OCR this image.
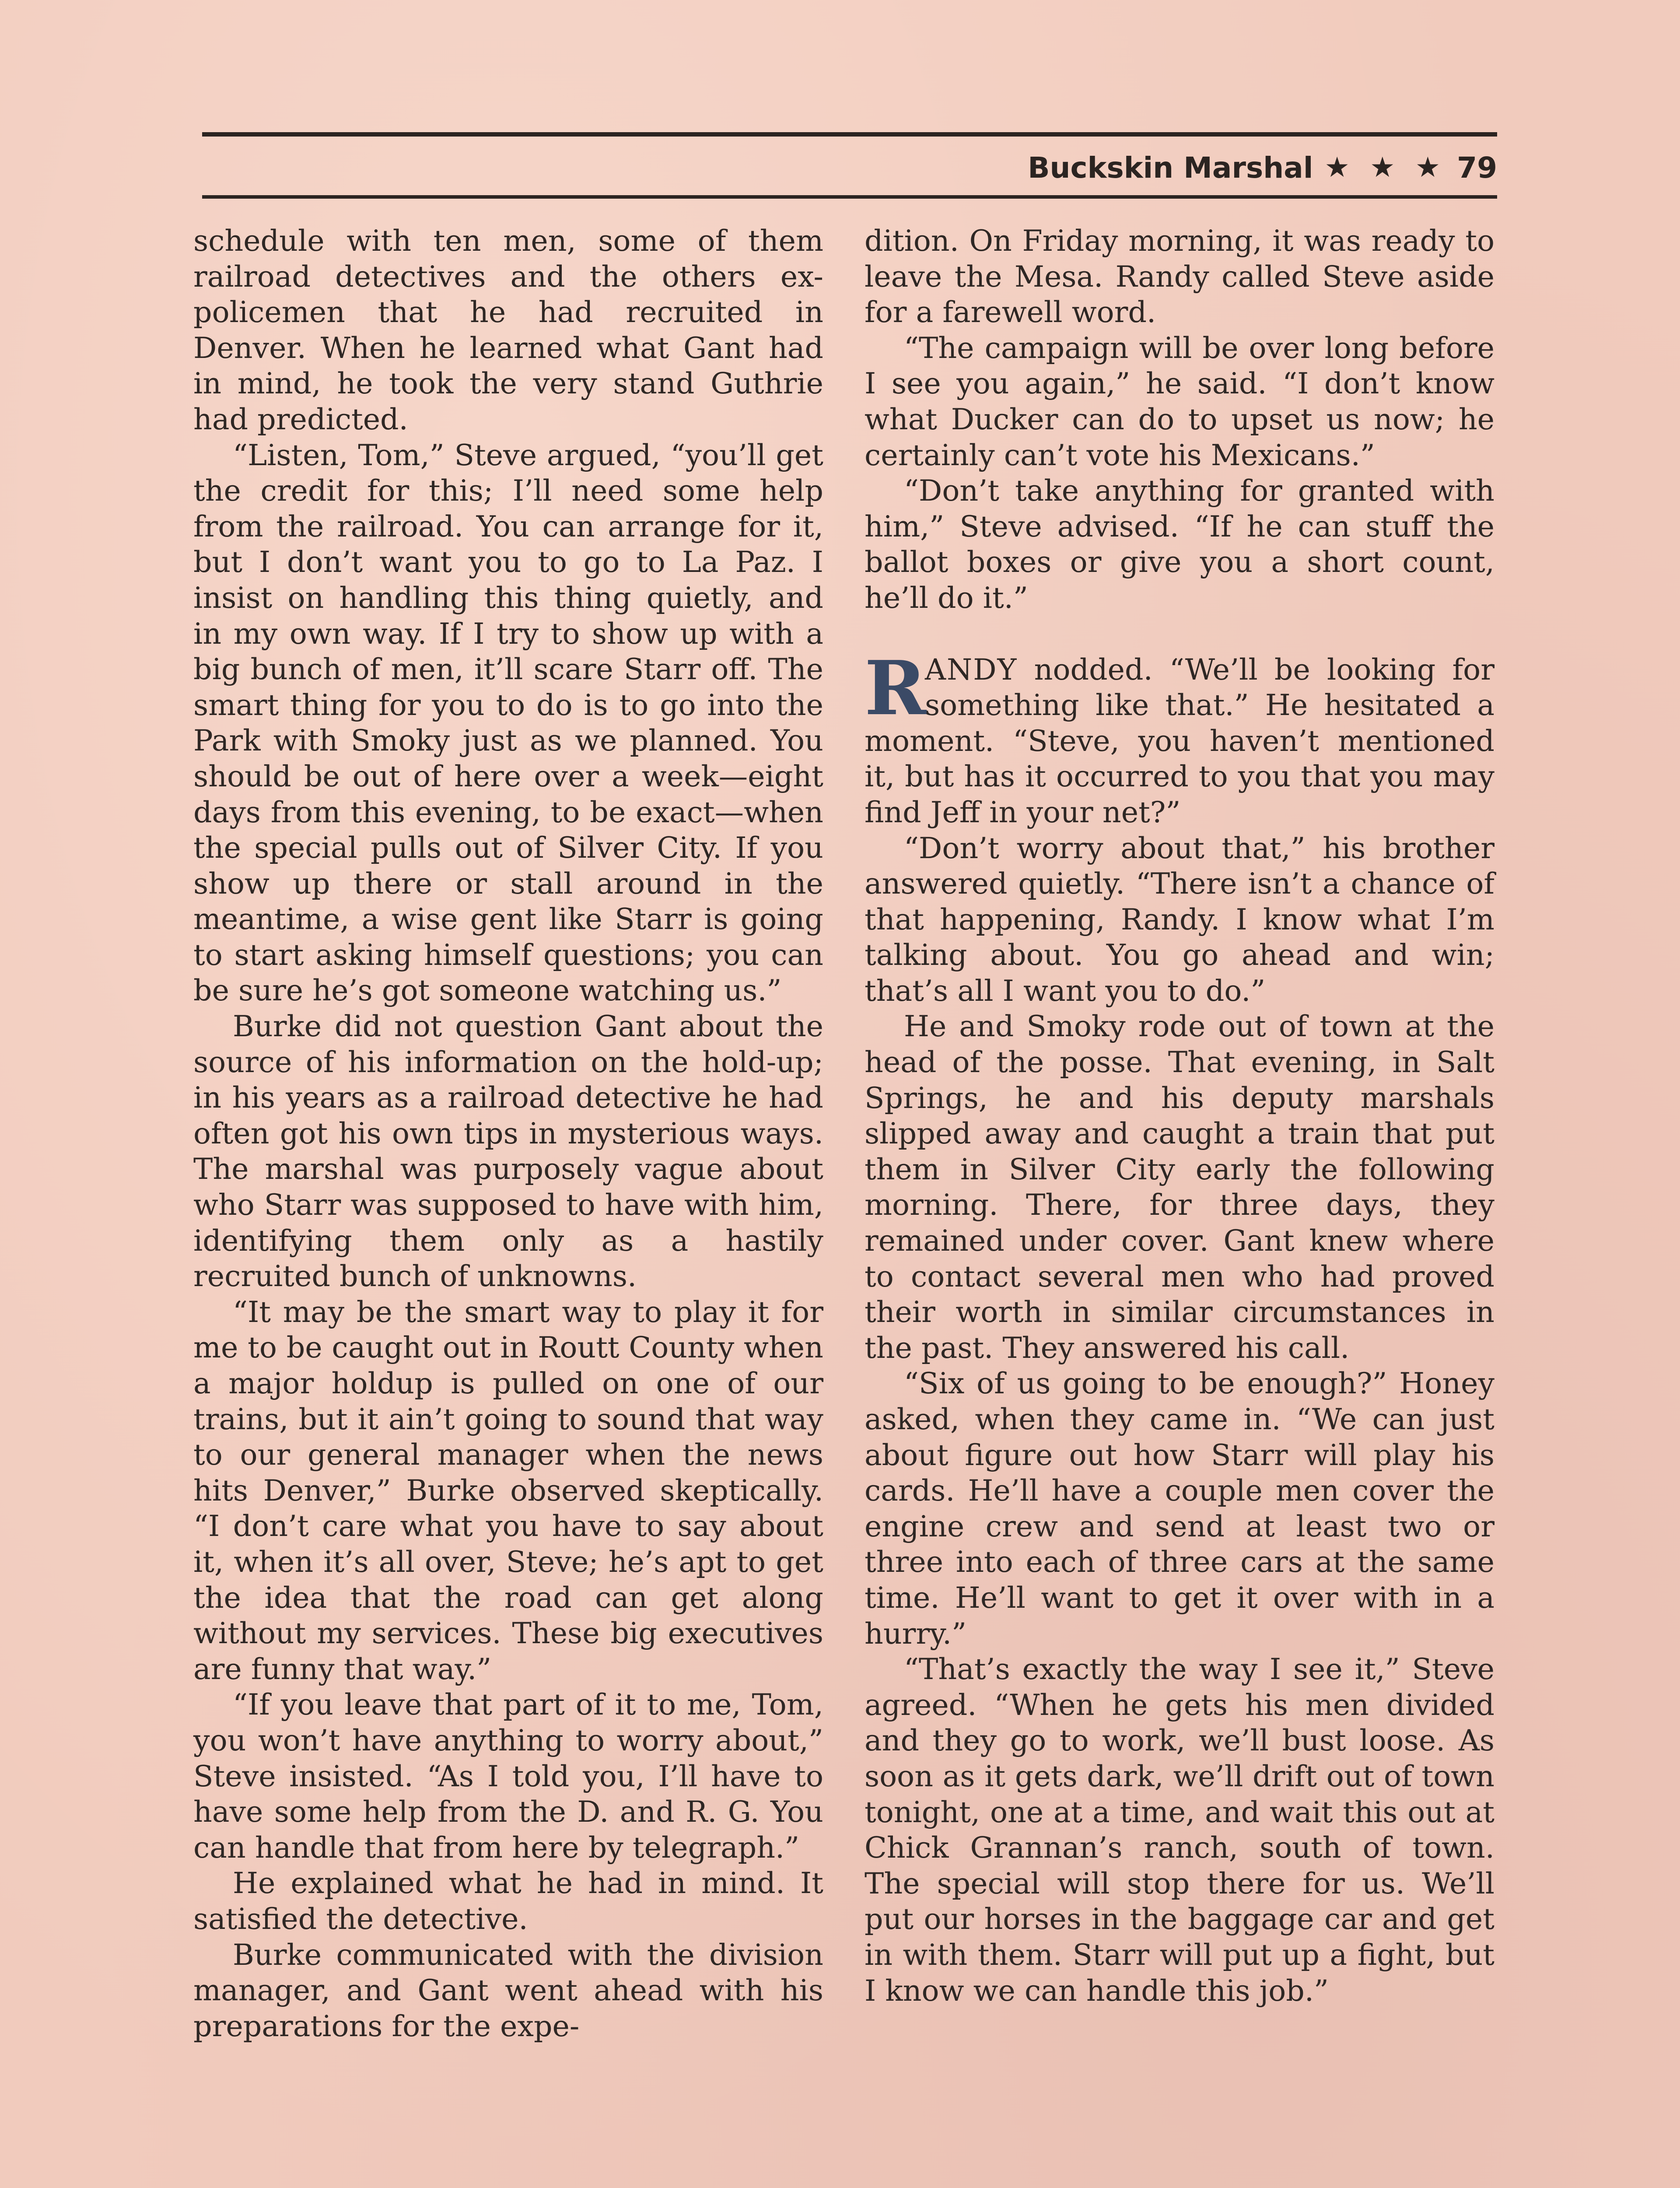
Buckskin Marshal ★ ★ ★ 79

schedule with ten men, some of them railroad detectives and the others ex-policemen that he had recruited in Denver. When he learned what Gant had in mind, he took the very stand Guthrie had predicted.

“Listen, Tom,” Steve argued, “you’ll get the credit for this; I’ll need some help from the railroad. You can arrange for it, but I don’t want you to go to La Paz. I insist on handling this thing quietly, and in my own way. If I try to show up with a big bunch of men, it’ll scare Starr off. The smart thing for you to do is to go into the Park with Smoky just as we planned. You should be out of here over a week—eight days from this evening, to be exact—when the special pulls out of Silver City. If you show up there or stall around in the meantime, a wise gent like Starr is going to start asking himself questions; you can be sure he’s got someone watching us.”

Burke did not question Gant about the source of his information on the hold-up; in his years as a railroad detective he had often got his own tips in mysterious ways. The marshal was purposely vague about who Starr was supposed to have with him, identifying them only as a hastily recruited bunch of unknowns.

“It may be the smart way to play it for me to be caught out in Routt County when a major holdup is pulled on one of our trains, but it ain’t going to sound that way to our general manager when the news hits Denver,” Burke observed skeptically. “I don’t care what you have to say about it, when it’s all over, Steve; he’s apt to get the idea that the road can get along without my services. These big executives are funny that way.”

“If you leave that part of it to me, Tom, you won’t have anything to worry about,” Steve insisted. “As I told you, I’ll have to have some help from the D. and R. G. You can handle that from here by telegraph.”

He explained what he had in mind. It satisfied the detective.

Burke communicated with the division manager, and Gant went ahead with his preparations for the expe-

dition. On Friday morning, it was ready to leave the Mesa. Randy called Steve aside for a farewell word.

“The campaign will be over long before I see you again,” he said. “I don’t know what Ducker can do to upset us now; he certainly can’t vote his Mexicans.”

“Don’t take anything for granted with him,” Steve advised. “If he can stuff the ballot boxes or give you a short count, he’ll do it.”

R
ANDY nodded. “We’ll be looking for something like that.” He hesitated a moment. “Steve, you haven’t mentioned it, but has it occurred to you that you may find Jeff in your net?”

“Don’t worry about that,” his brother answered quietly. “There isn’t a chance of that happening, Randy. I know what I’m talking about. You go ahead and win; that’s all I want you to do.”

He and Smoky rode out of town at the head of the posse. That evening, in Salt Springs, he and his deputy marshals slipped away and caught a train that put them in Silver City early the following morning. There, for three days, they remained under cover. Gant knew where to contact several men who had proved their worth in similar circumstances in the past. They answered his call.

“Six of us going to be enough?” Honey asked, when they came in. “We can just about figure out how Starr will play his cards. He’ll have a couple men cover the engine crew and send at least two or three into each of three cars at the same time. He’ll want to get it over with in a hurry.”

“That’s exactly the way I see it,” Steve agreed. “When he gets his men divided and they go to work, we’ll bust loose. As soon as it gets dark, we’ll drift out of town tonight, one at a time, and wait this out at Chick Grannan’s ranch, south of town. The special will stop there for us. We’ll put our horses in the baggage car and get in with them. Starr will put up a fight, but I know we can handle this job.”
